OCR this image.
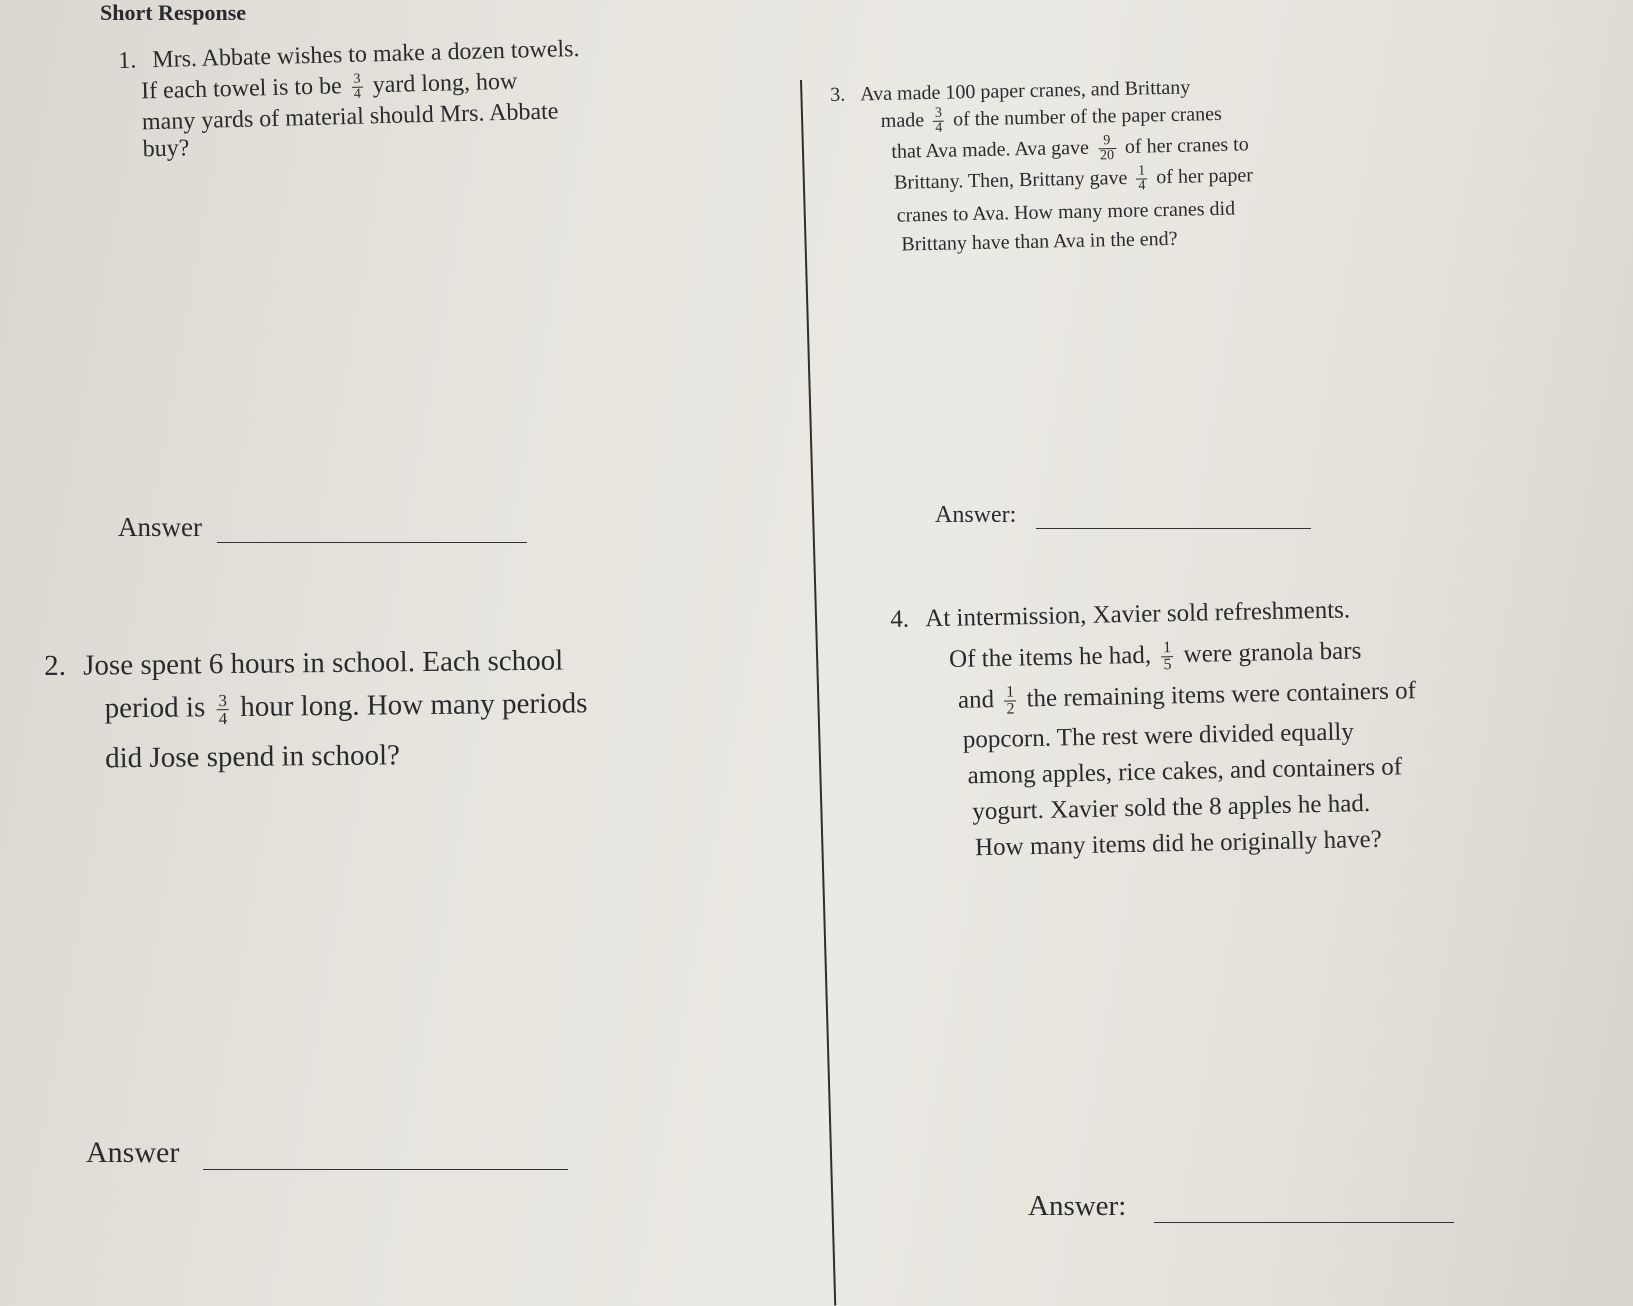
Short Response
1. Mrs. Abbate wishes to make a dozen towels.
If each towel is to be $\frac{3}{4}$ yard long, how
many yards of material should Mrs. Abbate
buy?
Answer
2. Jose spent 6 hours in school. Each school
period is $\frac{3}{4}$ hour long. How many periods
did Jose spend in school?
Answer
3. Ava made 100 paper cranes, and Brittany
made $\frac{3}{4}$ of the number of the paper cranes
that Ava made. Ava gave $\frac{9}{20}$ of her cranes to
Brittany. Then, Brittany gave $\frac{1}{4}$ of her paper
cranes to Ava. How many more cranes did
Brittany have than Ava in the end?
Answer:
4. At intermission, Xavier sold refreshments.
Of the items he had, $\frac{1}{5}$ were granola bars
and $\frac{1}{2}$ the remaining items were containers of
popcorn. The rest were divided equally
among apples, rice cakes, and containers of
yogurt. Xavier sold the 8 apples he had.
How many items did he originally have?
Answer:
